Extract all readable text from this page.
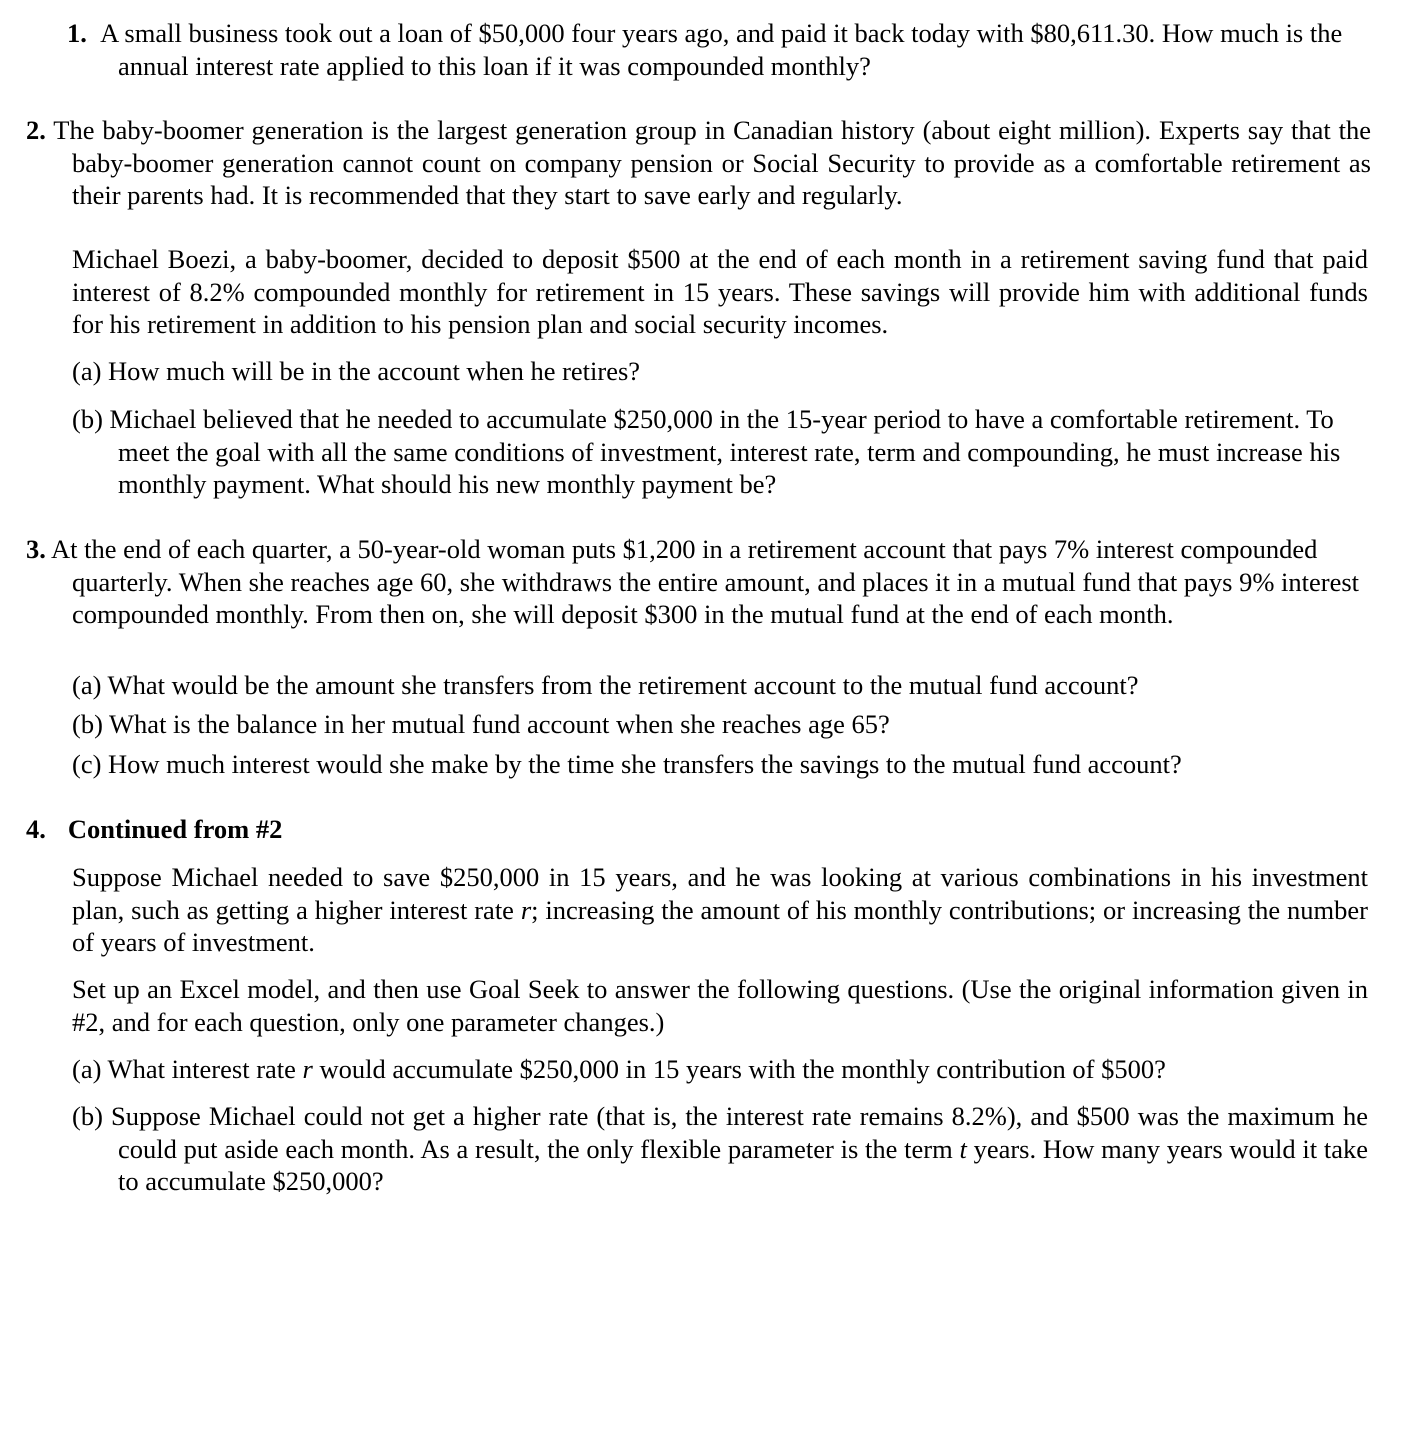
1. A small business took out a loan of $50,000 four years ago, and paid it back today with $80,611.30. How much is the annual interest rate applied to this loan if it was compounded monthly?
2. The baby-boomer generation is the largest generation group in Canadian history (about eight million). Experts say that the baby-boomer generation cannot count on company pension or Social Security to provide as a comfortable retirement as their parents had. It is recommended that they start to save early and regularly.
Michael Boezi, a baby-boomer, decided to deposit $500 at the end of each month in a retirement saving fund that paid interest of 8.2% compounded monthly for retirement in 15 years. These savings will provide him with additional funds for his retirement in addition to his pension plan and social security incomes.
(a) How much will be in the account when he retires?
(b) Michael believed that he needed to accumulate $250,000 in the 15-year period to have a comfortable retirement. To meet the goal with all the same conditions of investment, interest rate, term and compounding, he must increase his monthly payment. What should his new monthly payment be?
3. At the end of each quarter, a 50-year-old woman puts $1,200 in a retirement account that pays 7% interest compounded quarterly. When she reaches age 60, she withdraws the entire amount, and places it in a mutual fund that pays 9% interest compounded monthly. From then on, she will deposit $300 in the mutual fund at the end of each month.
(a) What would be the amount she transfers from the retirement account to the mutual fund account?
(b) What is the balance in her mutual fund account when she reaches age 65?
(c) How much interest would she make by the time she transfers the savings to the mutual fund account?
4. Continued from #2
Suppose Michael needed to save $250,000 in 15 years, and he was looking at various combinations in his investment plan, such as getting a higher interest rate r; increasing the amount of his monthly contributions; or increasing the number of years of investment.
Set up an Excel model, and then use Goal Seek to answer the following questions. (Use the original information given in #2, and for each question, only one parameter changes.)
(a) What interest rate r would accumulate $250,000 in 15 years with the monthly contribution of $500?
(b) Suppose Michael could not get a higher rate (that is, the interest rate remains 8.2%), and $500 was the maximum he could put aside each month. As a result, the only flexible parameter is the term t years. How many years would it take to accumulate $250,000?
